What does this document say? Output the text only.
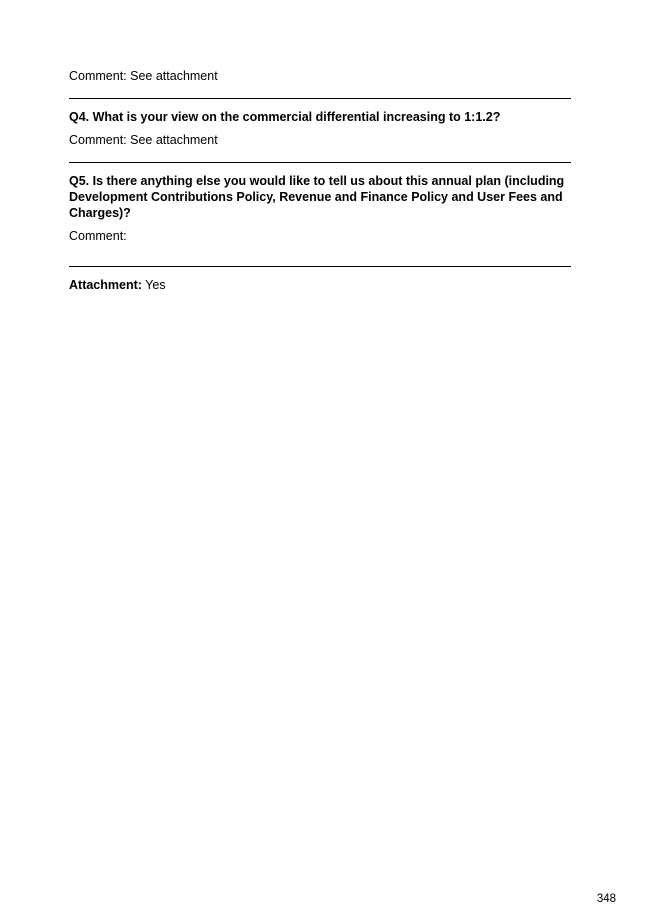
Comment: See attachment

Q4. What is your view on the commercial differential increasing to 1:1.2?

Comment: See attachment

Q5. Is there anything else you would like to tell us about this annual plan (including Development Contributions Policy, Revenue and Finance Policy and User Fees and Charges)?

Comment:

Attachment: Yes

348
